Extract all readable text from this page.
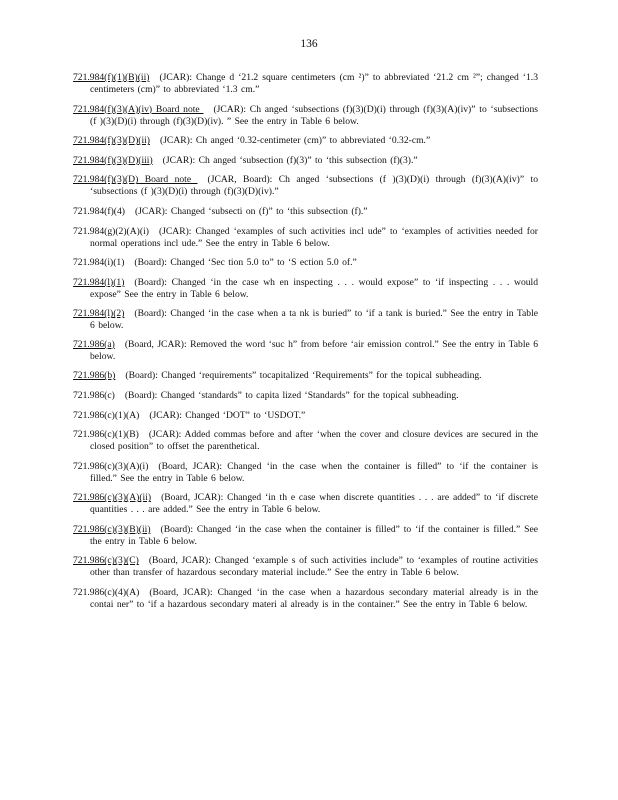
136

721.984(f)(1)(B)(ii) (JCAR): Change d ‘21.2 square centimeters (cm ²)” to abbreviated ‘21.2 cm ²”; changed ‘1.3 centimeters (cm)” to abbreviated ‘1.3 cm.”

721.984(f)(3)(A)(iv) Board note (JCAR): Ch anged ‘subsections (f)(3)(D)(i) through (f)(3)(A)(iv)” to ‘subsections (f )(3)(D)(i) through (f)(3)(D)(iv). ” See the entry in Table 6 below.

721.984(f)(3)(D)(ii) (JCAR): Ch anged ‘0.32-centimeter (cm)” to abbreviated ‘0.32-cm.”

721.984(f)(3)(D)(iii) (JCAR): Ch anged ‘subsection (f)(3)” to ‘this subsection (f)(3).”

721.984(f)(3)(D) Board note (JCAR, Board): Ch anged ‘subsections (f )(3)(D)(i) through (f)(3)(A)(iv)” to ‘subsections (f )(3)(D)(i) through (f)(3)(D)(iv).”

721.984(f)(4) (JCAR): Changed ‘subsecti on (f)” to ‘this subsection (f).”

721.984(g)(2)(A)(i) (JCAR): Changed ‘examples of such activities incl ude” to ‘examples of activities needed for normal operations incl ude.” See the entry in Table 6 below.

721.984(i)(1) (Board): Changed ‘Sec tion 5.0 to” to ‘S ection 5.0 of.”

721.984(l)(1) (Board): Changed ‘in the case wh en inspecting . . . would expose” to ‘if inspecting . . . would expose” See the entry in Table 6 below.

721.984(l)(2) (Board): Changed ‘in the case when a ta nk is buried” to ‘if a tank is buried.” See the entry in Table 6 below.

721.986(a) (Board, JCAR): Removed the word ‘suc h” from before ‘air emission control.” See the entry in Table 6 below.

721.986(b) (Board): Changed ‘requirements” tocapitalized ‘Requirements” for the topical subheading.

721.986(c) (Board): Changed ‘standards” to capita lized ‘Standards” for the topical subheading.

721.986(c)(1)(A) (JCAR): Changed ‘DOT” to ‘USDOT.”

721.986(c)(1)(B) (JCAR): Added commas before and after ‘when the cover and closure devices are secured in the closed position” to offset the parenthetical.

721.986(c)(3)(A)(i) (Board, JCAR): Changed ‘in the case when the container is filled” to ‘if the container is filled.” See the entry in Table 6 below.

721.986(c)(3)(A)(ii) (Board, JCAR): Changed ‘in th e case when discrete quantities . . . are added” to ‘if discrete quantities . . . are added.” See the entry in Table 6 below.

721.986(c)(3)(B)(ii) (Board): Changed ‘in the case when the container is filled” to ‘if the container is filled.” See the entry in Table 6 below.

721.986(c)(3)(C) (Board, JCAR): Changed ‘example s of such activities include” to ‘examples of routine activities other than transfer of hazardous secondary material include.” See the entry in Table 6 below.

721.986(c)(4)(A) (Board, JCAR): Changed ‘in the case when a hazardous secondary material already is in the contai ner” to ‘if a hazardous secondary materi al already is in the container.” See the entry in Table 6 below.
